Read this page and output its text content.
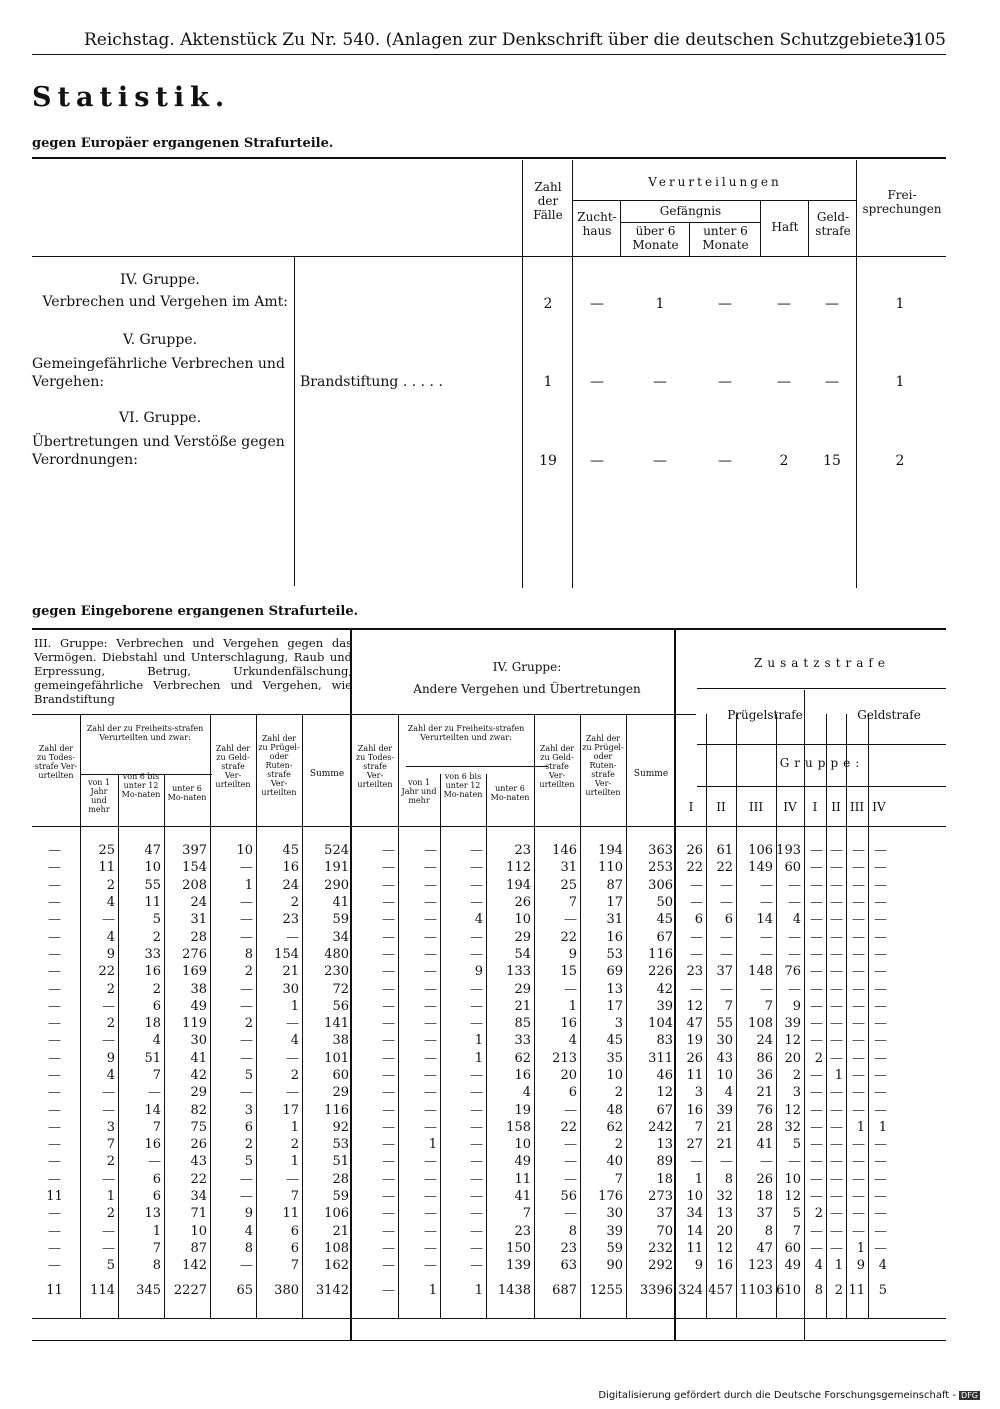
Reichstag. Aktenstück Zu Nr. 540. (Anlagen zur Denkschrift über die deutschen Schutzgebiete.)
3105
Statistik.
gegen Europäer ergangenen Strafurteile.
Zahl der Fälle
Verurteilungen
Zucht-haus
Gefängnis
über 6 Monate
unter 6 Monate
Haft
Geld-strafe
Frei-sprechungen
IV. Gruppe.
Verbrechen und Vergehen im Amt:
V. Gruppe.
Gemeingefährliche Verbrechen und Vergehen:	Brandstiftung . . . . .
VI. Gruppe.
Übertretungen und Verstöße gegen Verordnungen:
2	—	1	—	—	—	1
1	—	—	—	—	—	1
19	—	—	—	2	15	2
gegen Eingeborene ergangenen Strafurteile.
III. Gruppe: Verbrechen und Vergehen gegen das Vermögen. Diebstahl und Unterschlagung, Raub und Erpressung, Betrug, Urkundenfälschung, gemeingefährliche Verbrechen und Vergehen, wie Brandstiftung
IV. Gruppe:
Andere Vergehen und Übertretungen
Zusatzstrafe
Prügelstrafe	Geldstrafe
Gruppe:
Zahl der zu Todes-strafe Ver-urteilten
Zahl der zu Freiheits-strafen Verurteilten und zwar:
von 1 Jahr und mehr
von 6 bis unter 12 Mo-naten
unter 6 Mo-naten
Zahl der zu Geld-strafe Ver-urteilten
Zahl der zu Prügel- oder Ruten-strafe Ver-urteilten
Summe
Zahl der zu Todes-strafe Ver-urteilten
Zahl der zu Freiheits-strafen Verurteilten und zwar:
von 1 Jahr und mehr
von 6 bis unter 12 Mo-naten
unter 6 Mo-naten
Zahl der zu Geld-strafe Ver-urteilten
Zahl der zu Prügel- oder Ruten-strafe Ver-urteilten
Summe
I	II	III	IV	I	II III IV
—	25	47	397	10	45	524	—	—	—	23	146	194	363	26	61	106	193	—	—	—	—
—	11	10	154	—	16	191	—	—	—	112	31	110	253	22	22	149	60	—	—	—	—
—	2	55	208	1	24	290	—	—	—	194	25	87	306	—	—	—	—	—	—	—	—
—	4	11	24	—	2	41	—	—	—	26	7	17	50	—	—	—	—	—	—	—	—
—	—	5	31	—	23	59	—	—	4	10	—	31	45	6	6	14	4	—	—	—	—
—	4	2	28	—	—	34	—	—	—	29	22	16	67	—	—	—	—	—	—	—	—
—	9	33	276	8	154	480	—	—	—	54	9	53	116	—	—	—	—	—	—	—	—
—	22	16	169	2	21	230	—	—	9	133	15	69	226	23	37	148	76	—	—	—	—
—	2	2	38	—	30	72	—	—	—	29	—	13	42	—	—	—	—	—	—	—	—
—	—	6	49	—	1	56	—	—	—	21	1	17	39	12	7	7	9	—	—	—	—
—	2	18	119	2	—	141	—	—	—	85	16	3	104	47	55	108	39	—	—	—	—
—	—	4	30	—	4	38	—	—	1	33	4	45	83	19	30	24	12	—	—	—	—
—	9	51	41	—	—	101	—	—	1	62	213	35	311	26	43	86	20	2	—	—	—
—	4	7	42	5	2	60	—	—	—	16	20	10	46	11	10	36	2	—	1	—	—
—	—	—	29	—	—	29	—	—	—	4	6	2	12	3	4	21	3	—	—	—	—
—	—	14	82	3	17	116	—	—	—	19	—	48	67	16	39	76	12	—	—	—	—
—	3	7	75	6	1	92	—	—	—	158	22	62	242	7	21	28	32	—	—	1	1
—	7	16	26	2	2	53	—	1	—	10	—	2	13	27	21	41	5	—	—	—	—
—	2	—	43	5	1	51	—	—	—	49	—	40	89	—	—	—	—	—	—	—	—
—	—	6	22	—	—	28	—	—	—	11	—	7	18	1	8	26	10	—	—	—	—
11	1	6	34	—	7	59	—	—	—	41	56	176	273	10	32	18	12	—	—	—	—
—	2	13	71	9	11	106	—	—	—	7	—	30	37	34	13	37	5	2	—	—	—
—	—	1	10	4	6	21	—	—	—	23	8	39	70	14	20	8	7	—	—	—	—
—	—	7	87	8	6	108	—	—	—	150	23	59	232	11	12	47	60	—	—	1	—
—	5	8	142	—	7	162	—	—	—	139	63	90	292	9	16	123	49	4	1	9	4
11	114	345	2227	65	380	3142	—	1	1	1438	687	1255	3396	324	457	1103	610	8	2	11	5
Digitalisierung gefördert durch die Deutsche Forschungsgemeinschaft - DFG
